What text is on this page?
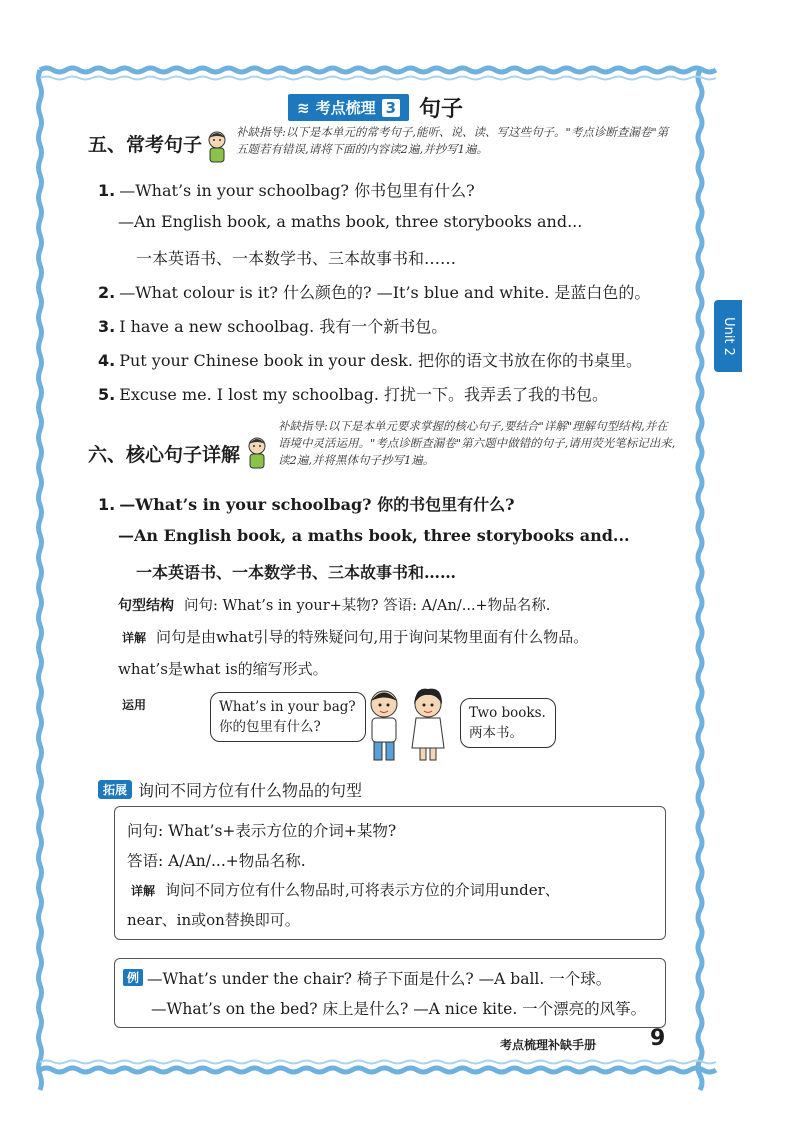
Unit 2
≋ 考点梳理 3 句子
五、常考句子
补缺指导:以下是本单元的常考句子,能听、说、读、写这些句子。"考点诊断查漏卷"第五题若有错误,请将下面的内容读2遍,并抄写1遍。
1. —What’s in your schoolbag? 你书包里有什么?
—An English book, a maths book, three storybooks and...
一本英语书、一本数学书、三本故事书和……
2. —What colour is it? 什么颜色的? —It’s blue and white. 是蓝白色的。
3. I have a new schoolbag. 我有一个新书包。
4. Put your Chinese book in your desk. 把你的语文书放在你的书桌里。
5. Excuse me. I lost my schoolbag. 打扰一下。我弄丢了我的书包。
六、核心句子详解
补缺指导:以下是本单元要求掌握的核心句子,要结合"详解"理解句型结构,并在语境中灵活运用。"考点诊断查漏卷"第六题中做错的句子,请用荧光笔标记出来,读2遍,并将黑体句子抄写1遍。
1. —What’s in your schoolbag? 你的书包里有什么?
—An English book, a maths book, three storybooks and...
一本英语书、一本数学书、三本故事书和……
句型结构 问句: What’s in your+某物? 答语: A/An/...+物品名称.
详解 问句是由what引导的特殊疑问句,用于询问某物里面有什么物品。
what’s是what is的缩写形式。
运用	What’s in your bag?
你的包里有什么?
Two books.
两本书。
拓展 询问不同方位有什么物品的句型
问句: What’s+表示方位的介词+某物?
答语: A/An/...+物品名称.
详解 询问不同方位有什么物品时,可将表示方位的介词用under、
near、in或on替换即可。
例 —What’s under the chair? 椅子下面是什么? —A ball. 一个球。
—What’s on the bed? 床上是什么? —A nice kite. 一个漂亮的风筝。
考点梳理补缺手册 9
